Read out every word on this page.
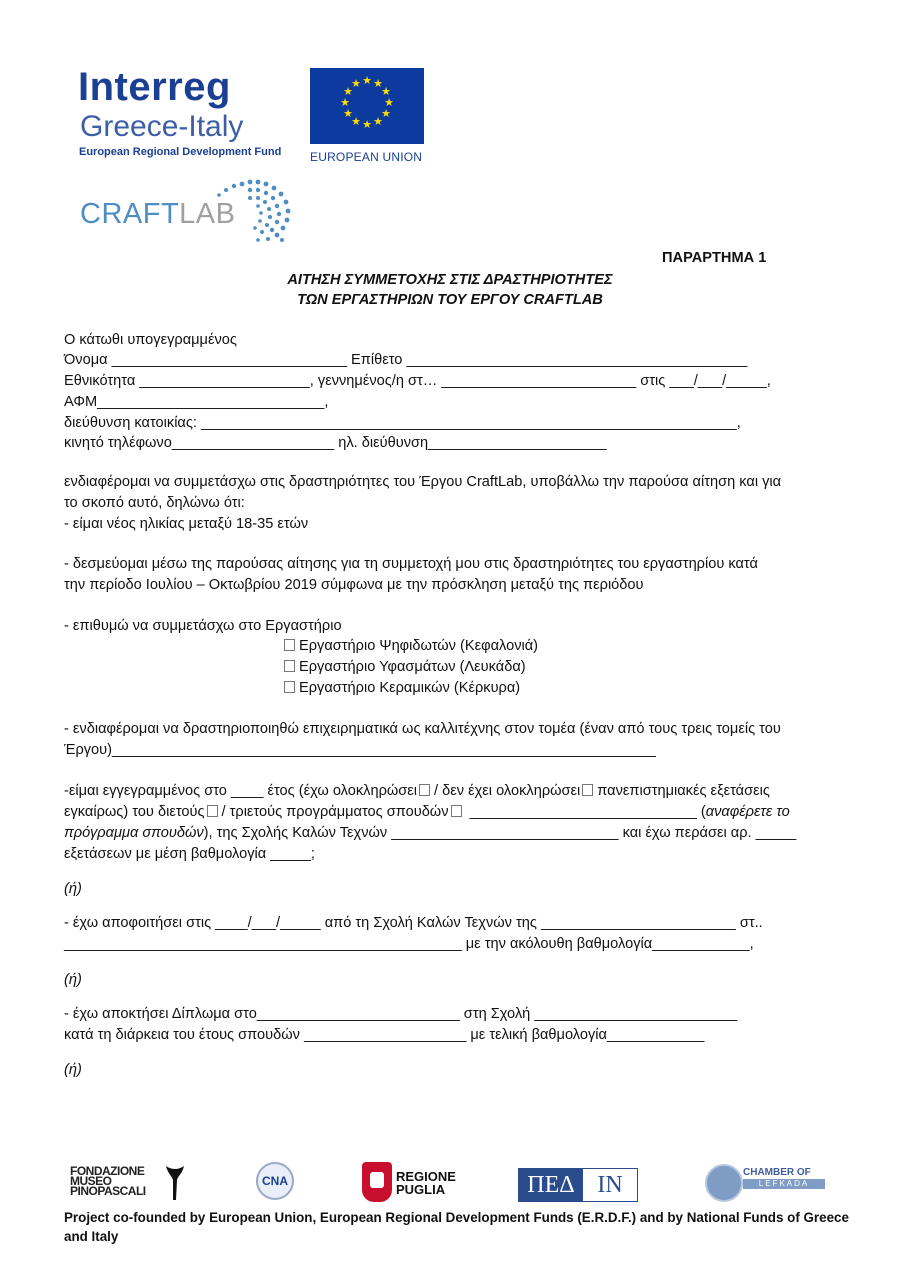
Interreg
Greece-Italy
European Regional Development Fund
★ ★
★
★
★
★
★
★
★
★
★
★
EUROPEAN UNION
CRAFTLAB
ΠΑΡΑΡΤΗΜΑ 1
ΑΙΤΗΣΗ ΣΥΜΜΕΤΟΧΗΣ ΣΤΙΣ ΔΡΑΣΤΗΡΙΟΤΗΤΕΣ
ΤΩΝ ΕΡΓΑΣΤΗΡΙΩΝ ΤΟΥ ΕΡΓΟΥ CRAFTLAB
Ο κάτωθι υπογεγραμμένος
Όνομα _____________________________ Επίθετο __________________________________________
Εθνικότητα _____________________, γεννημένος/η στ… ________________________ στις ___/___/_____,
ΑΦΜ____________________________,
διεύθυνση κατοικίας: __________________________________________________________________,
κινητό τηλέφωνο____________________ ηλ. διεύθυνση______________________
ενδιαφέρομαι να συμμετάσχω στις δραστηριότητες του Έργου CraftLab, υποβάλλω την παρούσα αίτηση και για
το σκοπό αυτό, δηλώνω ότι:
- είμαι νέος ηλικίας μεταξύ 18-35 ετών
- δεσμεύομαι μέσω της παρούσας αίτησης για τη συμμετοχή μου στις δραστηριότητες του εργαστηρίου κατά
την περίοδο Ιουλίου – Οκτωβρίου 2019 σύμφωνα με την πρόσκληση μεταξύ της περιόδου
- επιθυμώ να συμμετάσχω στο Εργαστήριο
Εργαστήριο Ψηφιδωτών (Κεφαλονιά)
Εργαστήριο Υφασμάτων (Λευκάδα)
Εργαστήριο Κεραμικών (Κέρκυρα)
- ενδιαφέρομαι να δραστηριοποιηθώ επιχειρηματικά ως καλλιτέχνης στον τομέα (έναν από τους τρεις τομείς του
Έργου)___________________________________________________________________
-είμαι εγγεγραμμένος στο ____ έτος (έχω ολοκληρώσει / δεν έχει ολοκληρώσει πανεπιστημιακές εξετάσεις
εγκαίρως) του διετούς / τριετούς προγράμματος σπουδών ____________________________ (αναφέρετε το
πρόγραμμα σπουδών), της Σχολής Καλών Τεχνών ____________________________ και έχω περάσει αρ. _____
εξετάσεων με μέση βαθμολογία _____;
(ή)
- έχω αποφοιτήσει στις ____/___/_____ από τη Σχολή Καλών Τεχνών της ________________________ στ..
_________________________________________________ με την ακόλουθη βαθμολογία____________,
(ή)
- έχω αποκτήσει Δίπλωμα στο_________________________ στη Σχολή _________________________
κατά τη διάρκεια του έτους σπουδών ____________________ με τελική βαθμολογία____________
(ή)
FONDAZIONE
MUSEO
PINOPASCALI
CNA	REGIONE
PUGLIA	ΠΕΔ ΙΝ	CHAMBER OF
LEFKADA
Project co-founded by European Union, European Regional Development Funds (E.R.D.F.) and by National Funds of Greece
and Italy
